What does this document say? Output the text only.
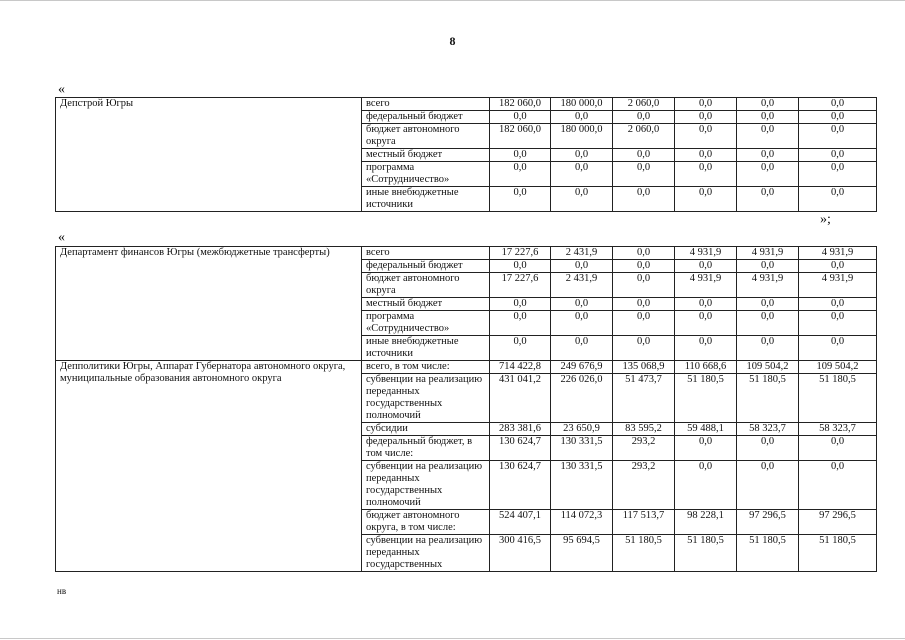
8
«
Депстрой Югры	всего	182 060,0	180 000,0	2 060,0	0,0	0,0	0,0
	федеральный бюджет	0,0	0,0	0,0	0,0	0,0	0,0
	бюджет автономного округа	182 060,0	180 000,0	2 060,0	0,0	0,0	0,0
	местный бюджет	0,0	0,0	0,0	0,0	0,0	0,0
	программа «Сотрудничество»	0,0	0,0	0,0	0,0	0,0	0,0
	иные внебюджетные источники	0,0	0,0	0,0	0,0	0,0	0,0
»;
«
Департамент финансов Югры (межбюджетные трансферты)	всего	17 227,6	2 431,9	0,0	4 931,9	4 931,9	4 931,9
	федеральный бюджет	0,0	0,0	0,0	0,0	0,0	0,0
	бюджет автономного округа	17 227,6	2 431,9	0,0	4 931,9	4 931,9	4 931,9
	местный бюджет	0,0	0,0	0,0	0,0	0,0	0,0
	программа «Сотрудничество»	0,0	0,0	0,0	0,0	0,0	0,0
	иные внебюджетные источники	0,0	0,0	0,0	0,0	0,0	0,0
Депполитики Югры, Аппарат Губернатора автономного округа, муниципальные образования автономного округа	всего, в том числе:	714 422,8	249 676,9	135 068,9	110 668,6	109 504,2	109 504,2
	субвенции на реализацию переданных государственных полномочий	431 041,2	226 026,0	51 473,7	51 180,5	51 180,5	51 180,5
	субсидии	283 381,6	23 650,9	83 595,2	59 488,1	58 323,7	58 323,7
	федеральный бюджет, в том числе:	130 624,7	130 331,5	293,2	0,0	0,0	0,0
	субвенции на реализацию переданных государственных полномочий	130 624,7	130 331,5	293,2	0,0	0,0	0,0
	бюджет автономного округа, в том числе:	524 407,1	114 072,3	117 513,7	98 228,1	97 296,5	97 296,5
	субвенции на реализацию переданных государственных	300 416,5	95 694,5	51 180,5	51 180,5	51 180,5	51 180,5
нв
